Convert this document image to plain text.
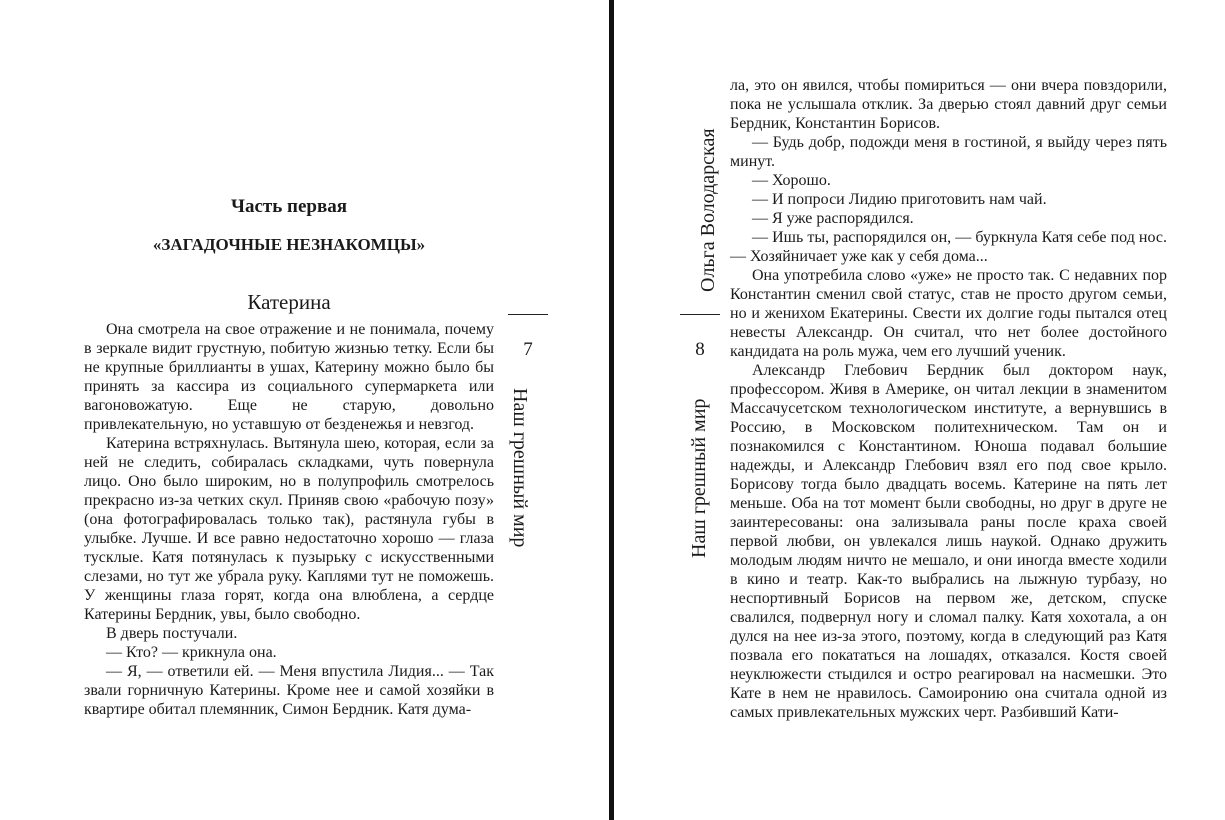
Часть первая
«ЗАГАДОЧНЫЕ НЕЗНАКОМЦЫ»
Катерина

Она смотрела на свое отражение и не понимала, почему в зеркале видит грустную, побитую жизнью тетку. Если бы не крупные бриллианты в ушах, Катерину можно было бы принять за кассира из социального супермаркета или вагоновожатую. Еще не старую, довольно привлекательную, но уставшую от безденежья и невзгод.

Катерина встряхнулась. Вытянула шею, которая, если за ней не следить, собиралась складками, чуть повернула лицо. Оно было широким, но в полупрофиль смотрелось прекрасно из-за четких скул. Приняв свою «рабочую позу» (она фотографировалась только так), растянула губы в улыбке. Лучше. И все равно недостаточно хорошо — глаза тусклые. Катя потянулась к пузырьку с искусственными слезами, но тут же убрала руку. Каплями тут не поможешь. У женщины глаза горят, когда она влюблена, а сердце Катерины Бердник, увы, было свободно.

В дверь постучали.

— Кто? — крикнула она.

— Я, — ответили ей. — Меня впустила Лидия... — Так звали горничную Катерины. Кроме нее и самой хозяйки в квартире обитал племянник, Симон Бердник. Катя дума-

7
Наш грешный мир

ла, это он явился, чтобы помириться — они вчера повздорили, пока не услышала отклик. За дверью стоял давний друг семьи Бердник, Константин Борисов.

— Будь добр, подожди меня в гостиной, я выйду через пять минут.

— Хорошо.

— И попроси Лидию приготовить нам чай.

— Я уже распорядился.

— Ишь ты, распорядился он, — буркнула Катя себе под нос. — Хозяйничает уже как у себя дома...

Она употребила слово «уже» не просто так. С недавних пор Константин сменил свой статус, став не просто другом семьи, но и женихом Екатерины. Свести их долгие годы пытался отец невесты Александр. Он считал, что нет более достойного кандидата на роль мужа, чем его лучший ученик.

Александр Глебович Бердник был доктором наук, профессором. Живя в Америке, он читал лекции в знаменитом Массачусетском технологическом институте, а вернувшись в Россию, в Московском политехническом. Там он и познакомился с Константином. Юноша подавал большие надежды, и Александр Глебович взял его под свое крыло. Борисову тогда было двадцать восемь. Катерине на пять лет меньше. Оба на тот момент были свободны, но друг в друге не заинтересованы: она зализывала раны после краха своей первой любви, он увлекался лишь наукой. Однако дружить молодым людям ничто не мешало, и они иногда вместе ходили в кино и театр. Как-то выбрались на лыжную турбазу, но неспортивный Борисов на первом же, детском, спуске свалился, подвернул ногу и сломал палку. Катя хохотала, а он дулся на нее из-за этого, поэтому, когда в следующий раз Катя позвала его покататься на лошадях, отказался. Костя своей неуклюжести стыдился и остро реагировал на насмешки. Это Кате в нем не нравилось. Самоиронию она считала одной из самых привлекательных мужских черт. Разбивший Кати-

Ольга Володарская
8
Наш грешный мир
